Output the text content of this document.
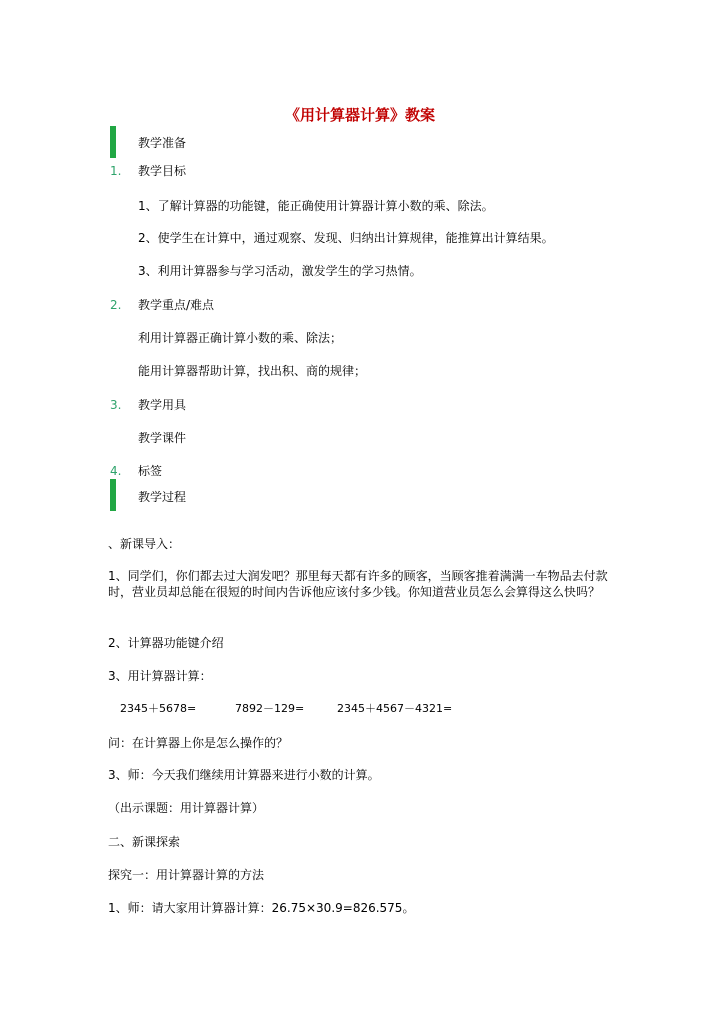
《用计算器计算》教案
教学准备
1. 教学目标
1、了解计算器的功能键，能正确使用计算器计算小数的乘、除法。
2、使学生在计算中，通过观察、发现、归纳出计算规律，能推算出计算结果。
3、利用计算器参与学习活动，激发学生的学习热情。
2. 教学重点/难点
利用计算器正确计算小数的乘、除法；
能用计算器帮助计算，找出积、商的规律；
3. 教学用具
教学课件
4. 标签
教学过程
、新课导入：
1、同学们，你们都去过大润发吧？那里每天都有许多的顾客，当顾客推着满满一车物品去付款时，营业员却总能在很短的时间内告诉他应该付多少钱。你知道营业员怎么会算得这么快吗？
2、计算器功能键介绍
3、用计算器计算：
2345＋5678=	7892－129=	2345＋4567－4321=
问：在计算器上你是怎么操作的？
3、师：今天我们继续用计算器来进行小数的计算。
（出示课题：用计算器计算）
二、新课探索
探究一：用计算器计算的方法
1、师：请大家用计算器计算：26.75×30.9=826.575。
